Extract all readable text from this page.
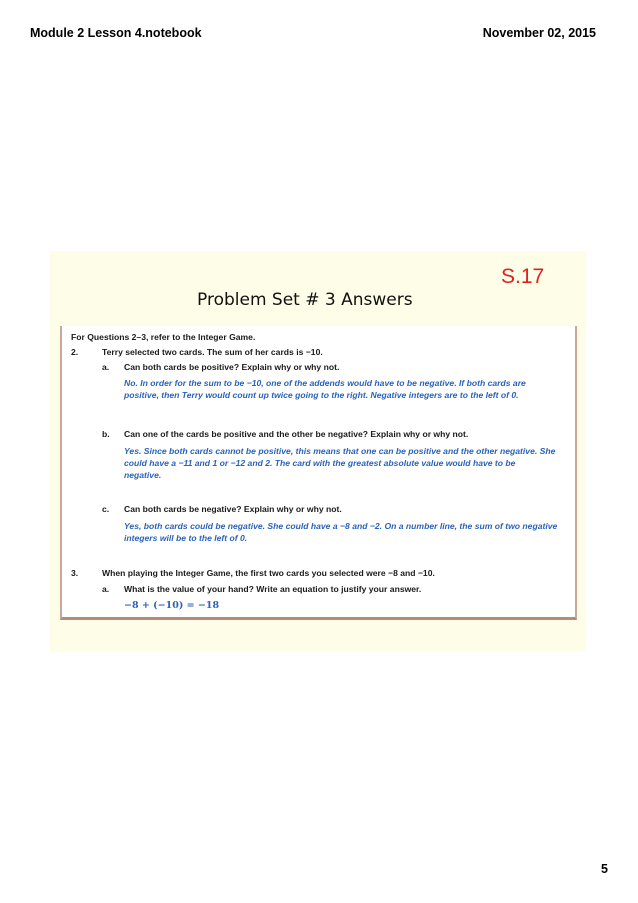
Module 2 Lesson 4.notebook	November 02, 2015
S.17
Problem Set # 3 Answers
For Questions 2–3, refer to the Integer Game.
2.	Terry selected two cards. The sum of her cards is −10.
a. Can both cards be positive? Explain why or why not.
No. In order for the sum to be −10, one of the addends would have to be negative. If both cards are
positive, then Terry would count up twice going to the right. Negative integers are to the left of 0.
b. Can one of the cards be positive and the other be negative? Explain why or why not.
Yes. Since both cards cannot be positive, this means that one can be positive and the other negative. She
could have a −11 and 1 or −12 and 2. The card with the greatest absolute value would have to be
negative.
c. Can both cards be negative? Explain why or why not.
Yes, both cards could be negative. She could have a −8 and −2. On a number line, the sum of two negative
integers will be to the left of 0.
3.	When playing the Integer Game, the first two cards you selected were −8 and −10.
a. What is the value of your hand? Write an equation to justify your answer.
−8 + (−10) = −18
5
